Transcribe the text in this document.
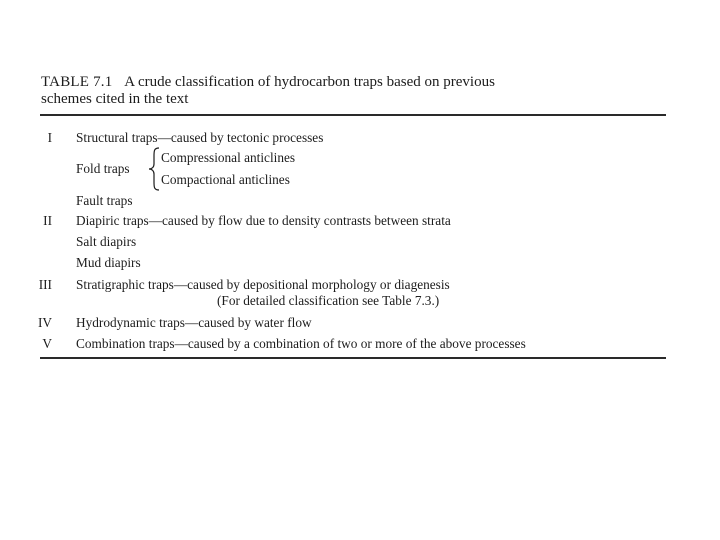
TABLE 7.1 A crude classification of hydrocarbon traps based on previous
schemes cited in the text
I Structural traps—caused by tectonic processes
Fold traps
Compressional anticlines
Compactional anticlines
Fault traps
II Diapiric traps—caused by flow due to density contrasts between strata
Salt diapirs
Mud diapirs
III Stratigraphic traps—caused by depositional morphology or diagenesis
(For detailed classification see Table 7.3.)
IV Hydrodynamic traps—caused by water flow
V Combination traps—caused by a combination of two or more of the above processes
